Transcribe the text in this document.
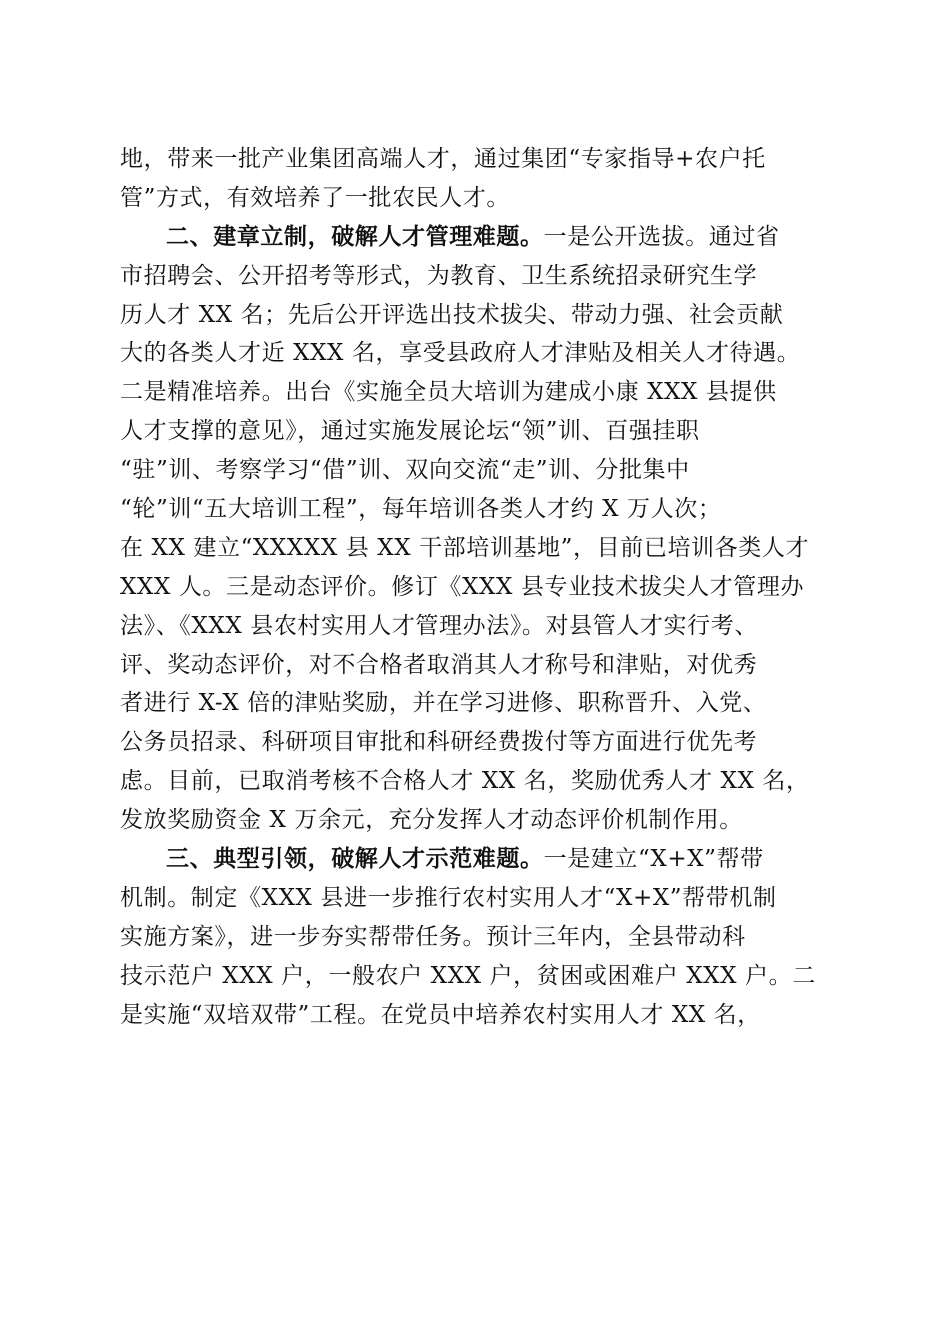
地，带来一批产业集团高端人才，通过集团“专家指导+农户托
管”方式，有效培养了一批农民人才。
二、建章立制，破解人才管理难题。一是公开选拔。通过省
市招聘会、公开招考等形式，为教育、卫生系统招录研究生学
历人才 XX 名；先后公开评选出技术拔尖、带动力强、社会贡献
大的各类人才近 XXX 名，享受县政府人才津贴及相关人才待遇。
二是精准培养。出台《实施全员大培训为建成小康 XXX 县提供
人才支撑的意见》，通过实施发展论坛“领”训、百强挂职
“驻”训、考察学习“借”训、双向交流“走”训、分批集中
“轮”训“五大培训工程”，每年培训各类人才约 X 万人次；
在 XX 建立“XXXXX 县 XX 干部培训基地”，目前已培训各类人才
XXX 人。三是动态评价。修订《XXX 县专业技术拔尖人才管理办
法》、《XXX 县农村实用人才管理办法》。对县管人才实行考、
评、奖动态评价，对不合格者取消其人才称号和津贴，对优秀
者进行 X-X 倍的津贴奖励，并在学习进修、职称晋升、入党、
公务员招录、科研项目审批和科研经费拨付等方面进行优先考
虑。目前，已取消考核不合格人才 XX 名，奖励优秀人才 XX 名，
发放奖励资金 X 万余元，充分发挥人才动态评价机制作用。
三、典型引领，破解人才示范难题。一是建立“X+X”帮带
机制。制定《XXX 县进一步推行农村实用人才“X+X”帮带机制
实施方案》，进一步夯实帮带任务。预计三年内，全县带动科
技示范户 XXX 户，一般农户 XXX 户，贫困或困难户 XXX 户。二
是实施“双培双带”工程。在党员中培养农村实用人才 XX 名，
